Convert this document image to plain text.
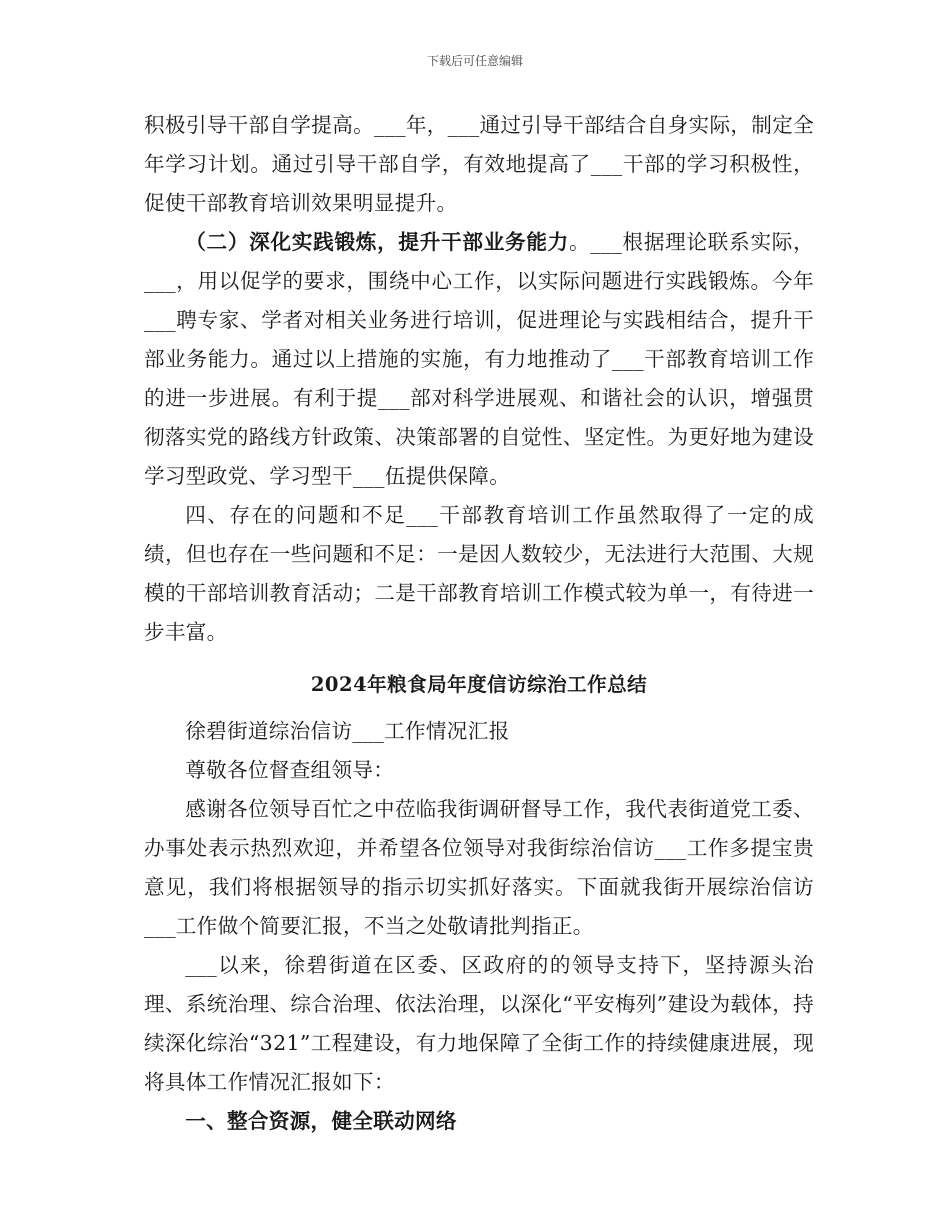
下载后可任意编辑

积极引导干部自学提高。___年，___通过引导干部结合自身实际，制定全年学习计划。通过引导干部自学，有效地提高了___干部的学习积极性，促使干部教育培训效果明显提升。

（二）深化实践锻炼，提升干部业务能力。___根据理论联系实际，___，用以促学的要求，围绕中心工作，以实际问题进行实践锻炼。今年___聘专家、学者对相关业务进行培训，促进理论与实践相结合，提升干部业务能力。通过以上措施的实施，有力地推动了___干部教育培训工作的进一步进展。有利于提___部对科学进展观、和谐社会的认识，增强贯彻落实党的路线方针政策、决策部署的自觉性、坚定性。为更好地为建设学习型政党、学习型干___伍提供保障。

四、存在的问题和不足___干部教育培训工作虽然取得了一定的成绩，但也存在一些问题和不足：一是因人数较少，无法进行大范围、大规模的干部培训教育活动；二是干部教育培训工作模式较为单一，有待进一步丰富。

2024年粮食局年度信访综治工作总结

徐碧街道综治信访___工作情况汇报

尊敬各位督查组领导：

感谢各位领导百忙之中莅临我街调研督导工作，我代表街道党工委、办事处表示热烈欢迎，并希望各位领导对我街综治信访___工作多提宝贵意见，我们将根据领导的指示切实抓好落实。下面就我街开展综治信访___工作做个简要汇报，不当之处敬请批判指正。

___以来，徐碧街道在区委、区政府的的领导支持下，坚持源头治理、系统治理、综合治理、依法治理，以深化“平安梅列”建设为载体，持续深化综治“321”工程建设，有力地保障了全街工作的持续健康进展，现将具体工作情况汇报如下：

一、整合资源，健全联动网络
